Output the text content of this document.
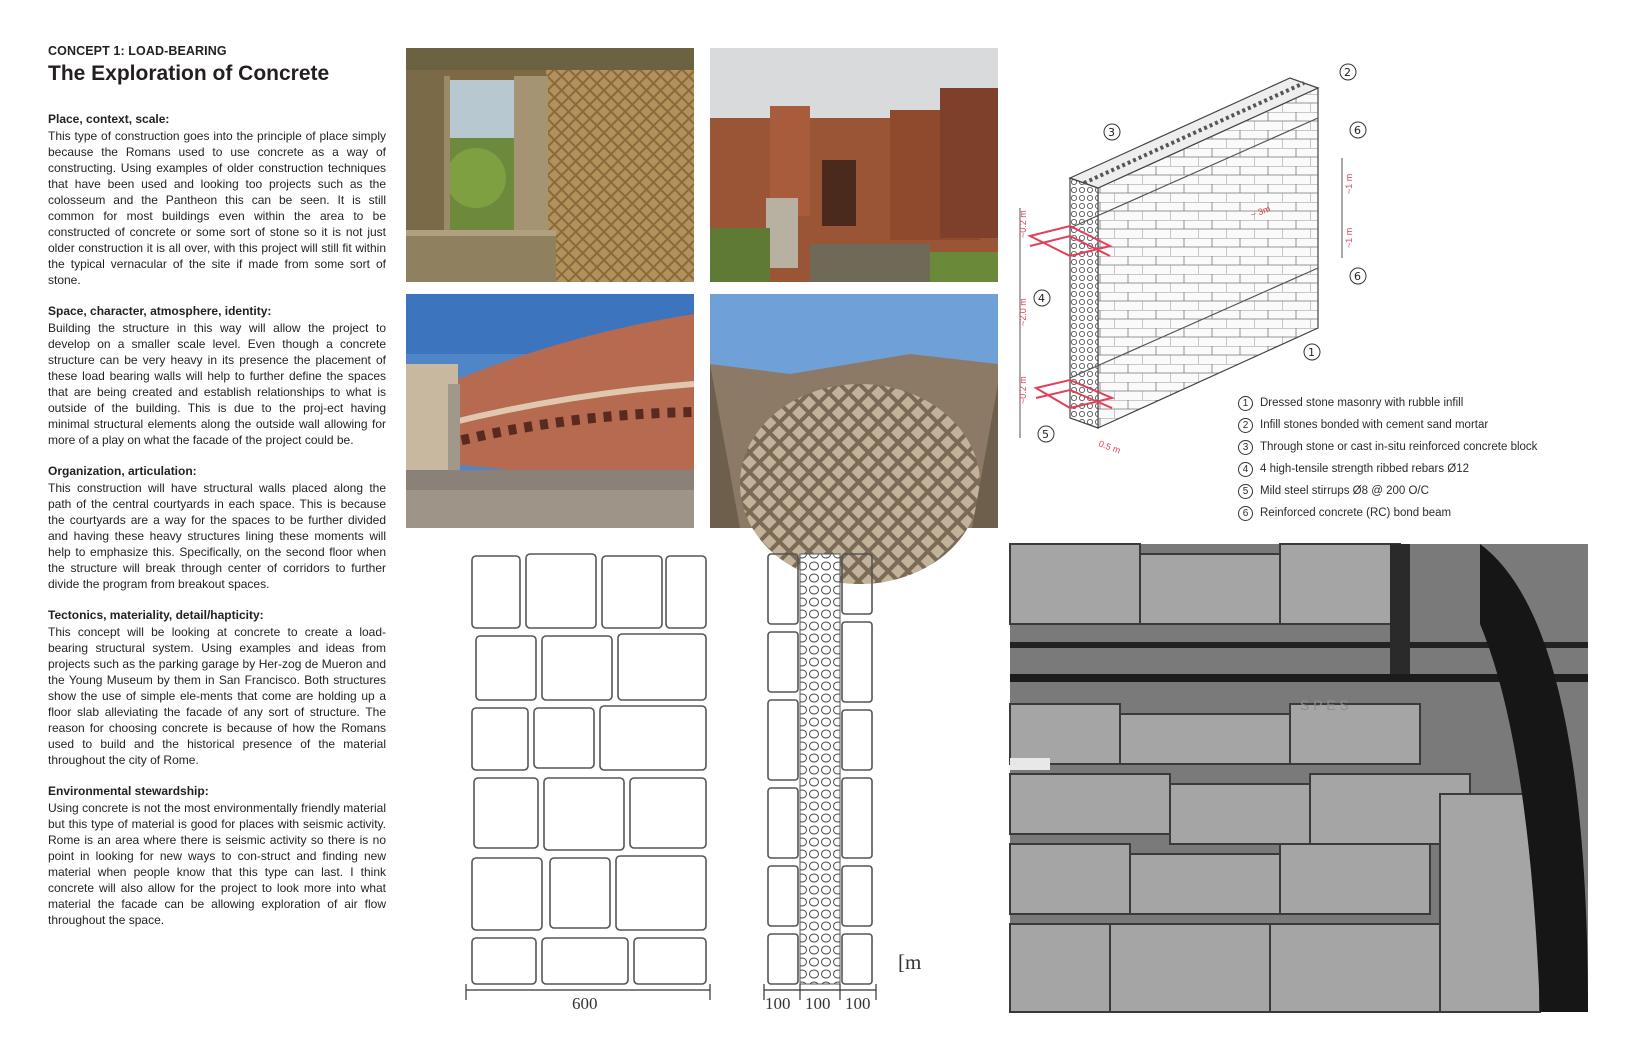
CONCEPT 1: LOAD-BEARING
The Exploration of Concrete
Place, context, scale:

This type of construction goes into the principle of place simply because the Romans used to use concrete as a way of constructing. Using examples of older construction techniques that have been used and looking too projects such as the colosseum and the Pantheon this can be seen. It is still common for most buildings even within the area to be constructed of concrete or some sort of stone so it is not just older construction it is all over, with this project will still fit within the typical vernacular of the site if made from some sort of stone.

Space, character, atmosphere, identity:

Building the structure in this way will allow the project to develop on a smaller scale level. Even though a concrete structure can be very heavy in its presence the placement of these load bearing walls will help to further define the spaces that are being created and establish relationships to what is outside of the building. This is due to the proj-ect having minimal structural elements along the outside wall allowing for more of a play on what the facade of the project could be.

Organization, articulation:

This construction will have structural walls placed along the path of the central courtyards in each space. This is because the courtyards are a way for the spaces to be further divided and having these heavy structures lining these moments will help to emphasize this. Specifically, on the second floor when the structure will break through center of corridors to further divide the program from breakout spaces.

Tectonics, materiality, detail/hapticity:

This concept will be looking at concrete to create a load-bearing structural system. Using examples and ideas from projects such as the parking garage by Her-zog de Mueron and the Young Museum by them in San Francisco. Both structures show the use of simple ele-ments that come are holding up a floor slab alleviating the facade of any sort of structure. The reason for choosing concrete is because of how the Romans used to build and the historical presence of the material throughout the city of Rome.

Environmental stewardship:

Using concrete is not the most environmentally friendly material but this type of material is good for places with seismic activity. Rome is an area where there is seismic activity so there is no point in looking for new ways to con-struct and finding new material when people know that this type can last. I think concrete will also allow for the project to look more into what material the facade can be allowing exploration of air flow throughout the space.

~0.2 m
~2.0 m
~0.2 m
~1 m
~1 m
~ 3m
0.5 m
2
3	6
6
4
1
5
1	Dressed stone masonry with rubble infill
2	Infill stones bonded with cement sand mortar
3	Through stone or cast in-situ reinforced concrete block
4	4 high-tensile strength ribbed rebars Ø12
5	Mild steel stirrups Ø8 @ 200 O/C
6	Reinforced concrete (RC) bond beam
600	100 100 100
[m
S P E S
